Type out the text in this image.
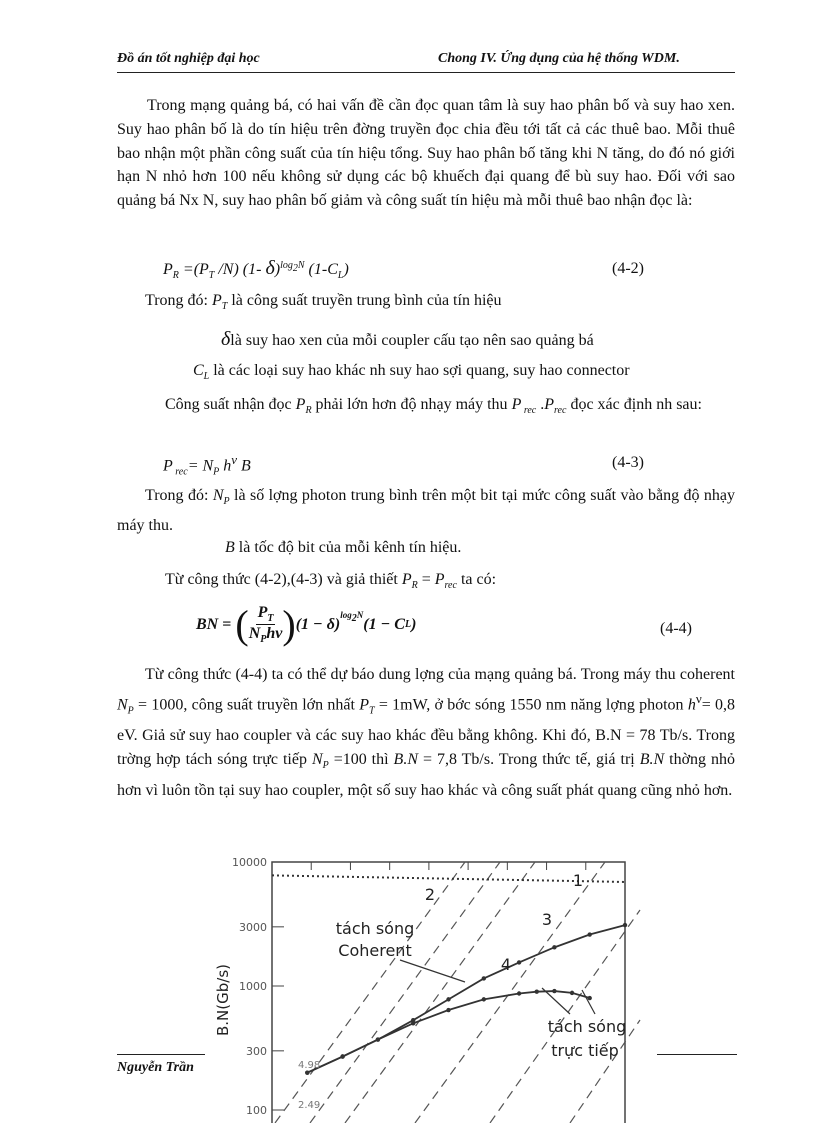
Đồ án tốt nghiệp đại học	Chong IV. Ứng dụng của hệ thống WDM.
Trong mạng quảng bá, có hai vấn đề cần đọc quan tâm là suy hao phân bố và suy hao xen. Suy hao phân bố là do tín hiệu trên đờng truyền đọc chia đều tới tất cả các thuê bao. Mỗi thuê bao nhận một phần công suất của tín hiệu tổng. Suy hao phân bố tăng khi N tăng, do đó nó giới hạn N nhỏ hơn 100 nếu không sử dụng các bộ khuếch đại quang để bù suy hao. Đối với sao quảng bá Nx N, suy hao phân bố giảm và công suất tín hiệu mà mỗi thuê bao nhận đọc là:
$P_R =(P_T$ /N) (1- δ)$^{log_2N}$ $(1-C_L)$	(4-2)
Trong đó: $P_T$ là công suất truyền trung bình của tín hiệu
δlà suy hao xen của mỗi coupler cấu tạo nên sao quảng bá
$C_L$ là các loại suy hao khác nh suy hao sợi quang, suy hao connector
Công suất nhận đọc $P_R$ phải lớn hơn độ nhạy máy thu P $_{rec}$ $.P_{rec}$ đọc xác định nh sau:
P $_{rec}= N_P$ $h^\nu$ B	(4-3)
Trong đó: $N_P$ là số lợng photon trung bình trên một bit tại mức công suất vào bằng độ nhạy máy thu.
B là tốc độ bit của mỗi kênh tín hiệu.
Từ công thức (4-2),(4-3) và giả thiết $P_R = P_{rec}$ ta có:
BN = ( $P_T$
$N_Ph\nu$ ) (1 − δ)
$^{log_2N}$
(1 − C L )	(4-4)
Từ công thức (4-4) ta có thể dự báo dung lợng của mạng quảng bá. Trong máy thu coherent $N_P = 1000$, công suất truyền lớn nhất $P_T = 1mW$, ở bớc sóng 1550 nm năng lợng photon $h^\nu= 0,8$ eV. Giả sử suy hao coupler và các suy hao khác đều bằng không. Khi đó, B.N = 78 Tb/s. Trong trờng hợp tách sóng trực tiếp $N_P =100$ thì B.N = 7,8 Tb/s. Trong thức tế, giá trị B.N thờng nhỏ hơn vì luôn tồn tại suy hao coupler, một số suy hao khác và công suất phát quang cũng nhỏ hơn.
100
300
1000
3000
10000
B.N(Gb/s)
1
2
3
4
tách sóng
Coherent
tách sóng
trực tiếp
4.98
2.49
Nguyễn Trần
